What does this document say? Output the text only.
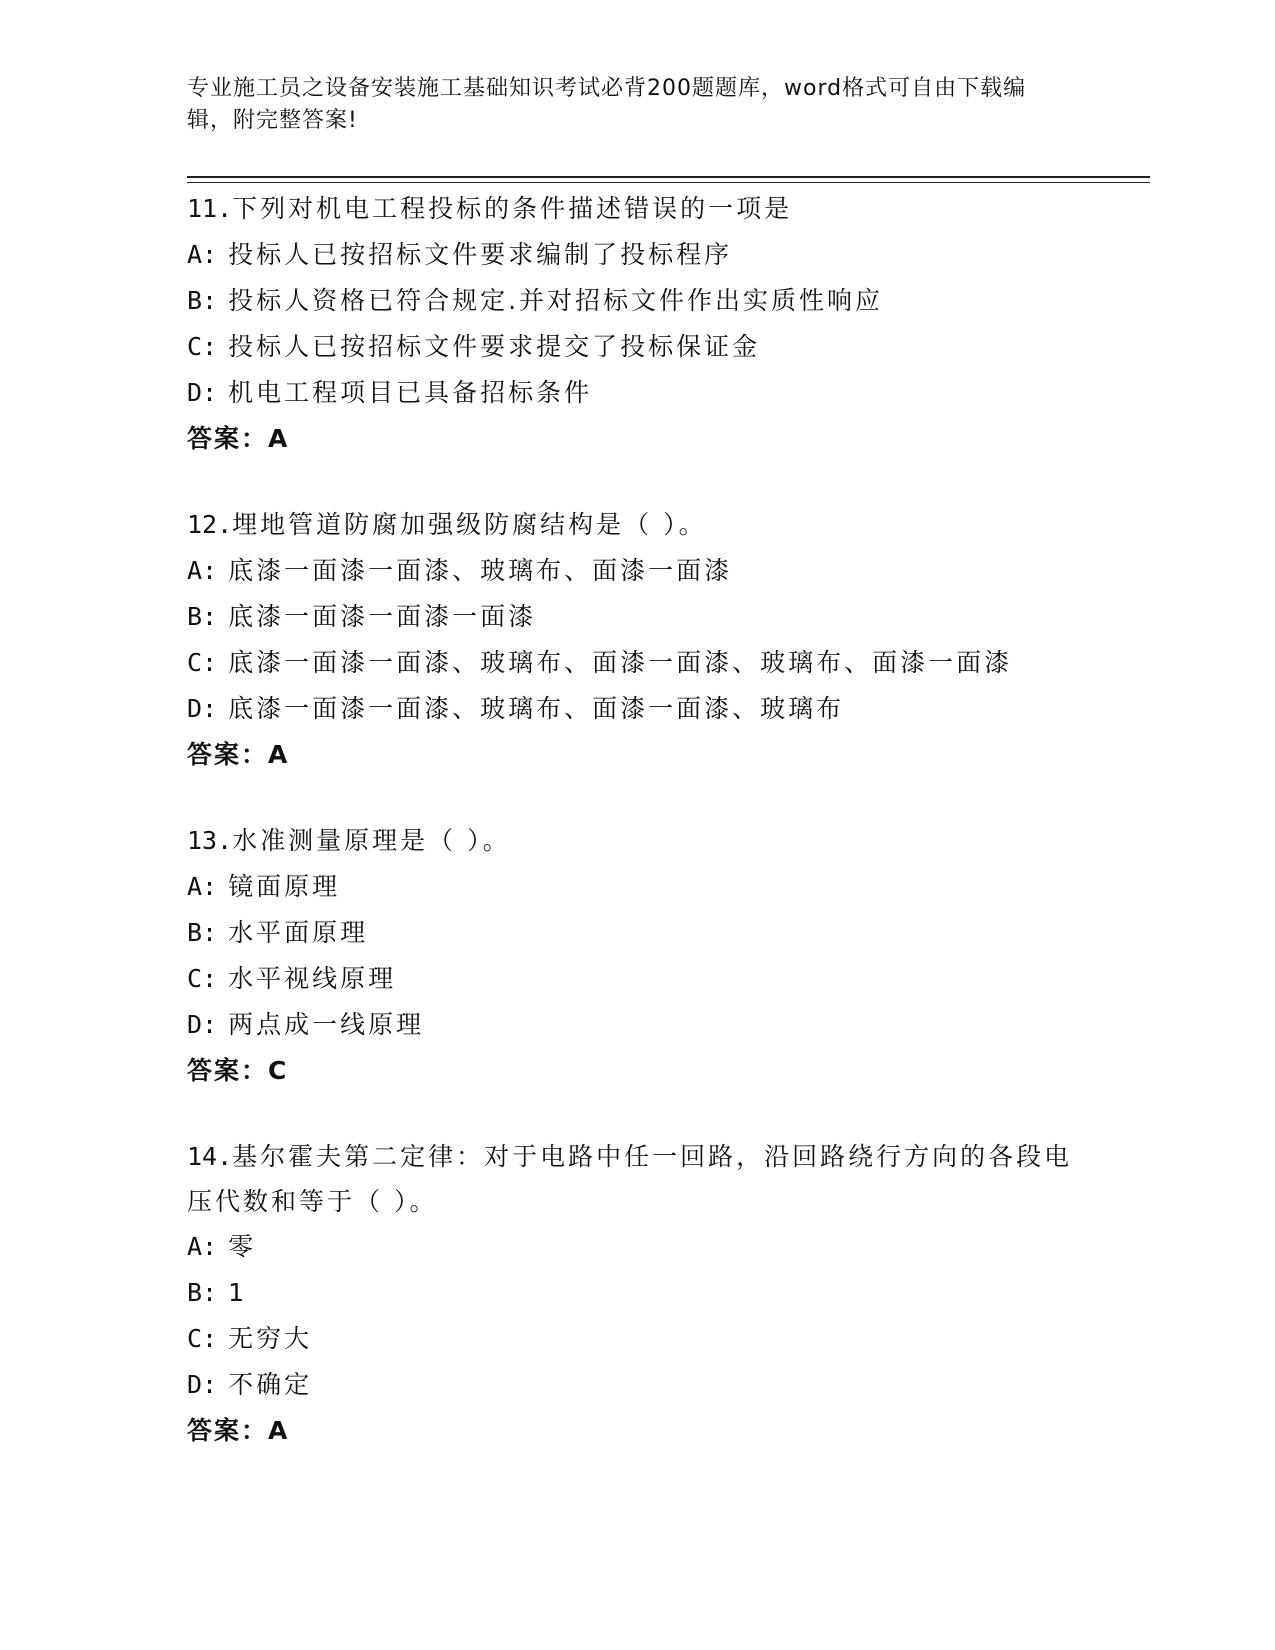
专业施工员之设备安装施工基础知识考试必背200题题库，word格式可自由下载编辑，附完整答案!
11.下列对机电工程投标的条件描述错误的一项是
A: 投标人已按招标文件要求编制了投标程序
B: 投标人资格已符合规定.并对招标文件作出实质性响应
C: 投标人已按招标文件要求提交了投标保证金
D: 机电工程项目已具备招标条件
答案：A
12.埋地管道防腐加强级防腐结构是（ ）。
A: 底漆一面漆一面漆、玻璃布、面漆一面漆
B: 底漆一面漆一面漆一面漆
C: 底漆一面漆一面漆、玻璃布、面漆一面漆、玻璃布、面漆一面漆
D: 底漆一面漆一面漆、玻璃布、面漆一面漆、玻璃布
答案：A
13.水准测量原理是（ ）。
A: 镜面原理
B: 水平面原理
C: 水平视线原理
D: 两点成一线原理
答案：C
14.基尔霍夫第二定律：对于电路中任一回路，沿回路绕行方向的各段电压代数和等于（ ）。
A: 零
B: 1
C: 无穷大
D: 不确定
答案：A
